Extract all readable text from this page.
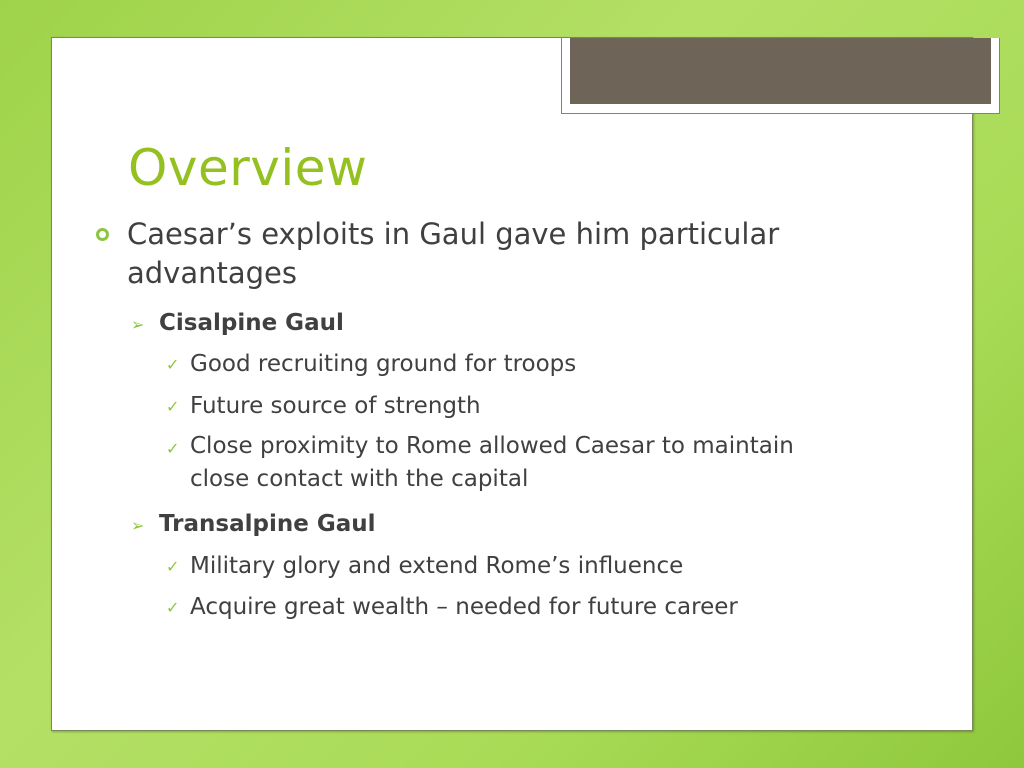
Overview
Caesar’s exploits in Gaul gave him particular
advantages
➢ Cisalpine Gaul
✓ Good recruiting ground for troops
✓ Future source of strength
✓ Close proximity to Rome allowed Caesar to maintain
close contact with the capital
➢ Transalpine Gaul
✓ Military glory and extend Rome’s influence
✓ Acquire great wealth – needed for future career
